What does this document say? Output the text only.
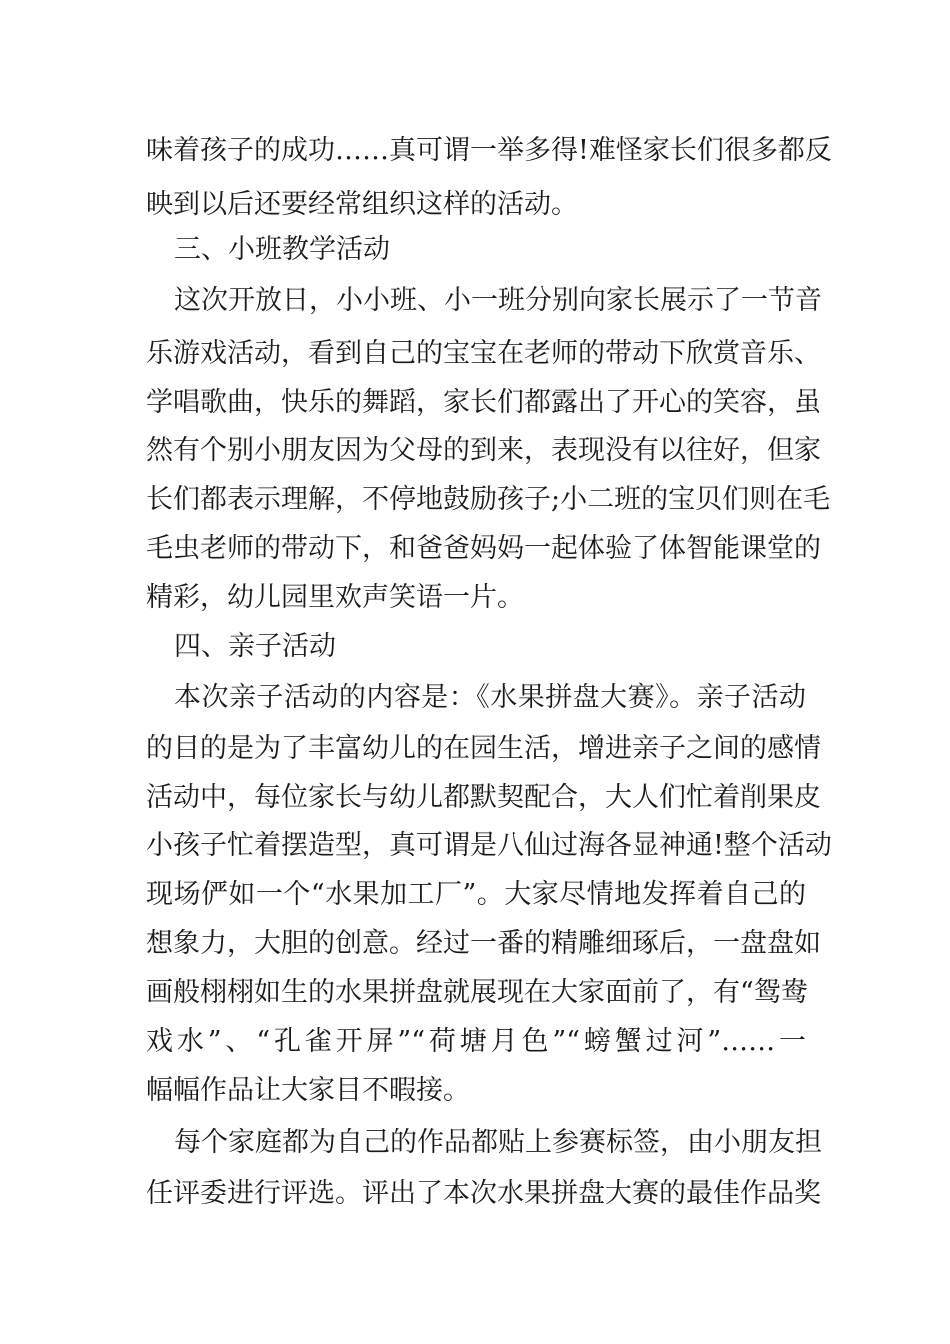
味着孩子的成功……真可谓一举多得!难怪家长们很多都反
映到以后还要经常组织这样的活动。
三、小班教学活动
这次开放日，小小班、小一班分别向家长展示了一节音
乐游戏活动，看到自己的宝宝在老师的带动下欣赏音乐、
学唱歌曲，快乐的舞蹈，家长们都露出了开心的笑容，虽
然有个别小朋友因为父母的到来，表现没有以往好，但家
长们都表示理解，不停地鼓励孩子;小二班的宝贝们则在毛
毛虫老师的带动下，和爸爸妈妈一起体验了体智能课堂的
精彩，幼儿园里欢声笑语一片。
四、亲子活动
本次亲子活动的内容是：《水果拼盘大赛》。亲子活动
的目的是为了丰富幼儿的在园生活，增进亲子之间的感情
活动中，每位家长与幼儿都默契配合，大人们忙着削果皮
小孩子忙着摆造型，真可谓是八仙过海各显神通!整个活动
现场俨如一个“水果加工厂”。大家尽情地发挥着自己的
想象力，大胆的创意。经过一番的精雕细琢后，一盘盘如
画般栩栩如生的水果拼盘就展现在大家面前了，有“鸳鸯
戏水”、“孔雀开屏”“荷塘月色”“螃蟹过河”……一
幅幅作品让大家目不暇接。
每个家庭都为自己的作品都贴上参赛标签，由小朋友担
任评委进行评选。评出了本次水果拼盘大赛的最佳作品奖
